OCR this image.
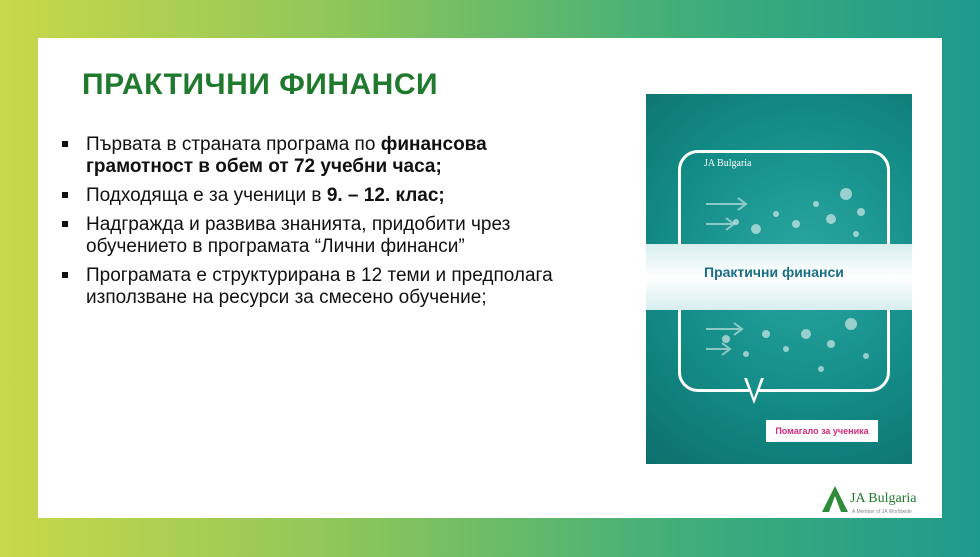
ПРАКТИЧНИ ФИНАНСИ
Първата в страната програма по финансова грамотност в обем от 72 учебни часа;
Подходяща е за ученици в 9. – 12. клас;
Надгражда и развива знанията, придобити чрез обучението в програмата “Лични финанси”
Програмата е структурирана в 12 теми и предполага използване на ресурси за смесено обучение;
JA Bulgaria
Практични финанси
Помагало за ученика
JA Bulgaria
A Member of JA Worldwide
